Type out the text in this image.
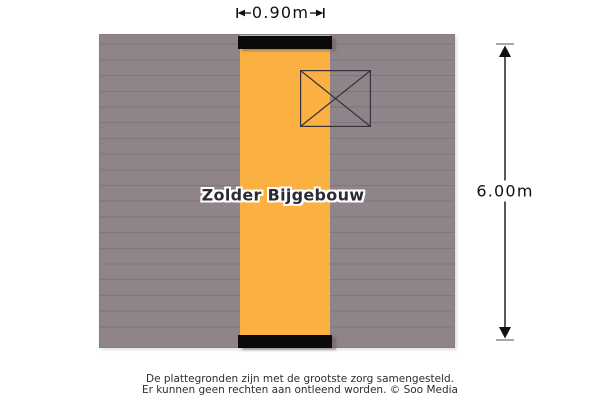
Zolder Bijgebouw
0.90m
6.00m
De plattegronden zijn met de grootste zorg samengesteld.
Er kunnen geen rechten aan ontleend worden. © Soo Media
